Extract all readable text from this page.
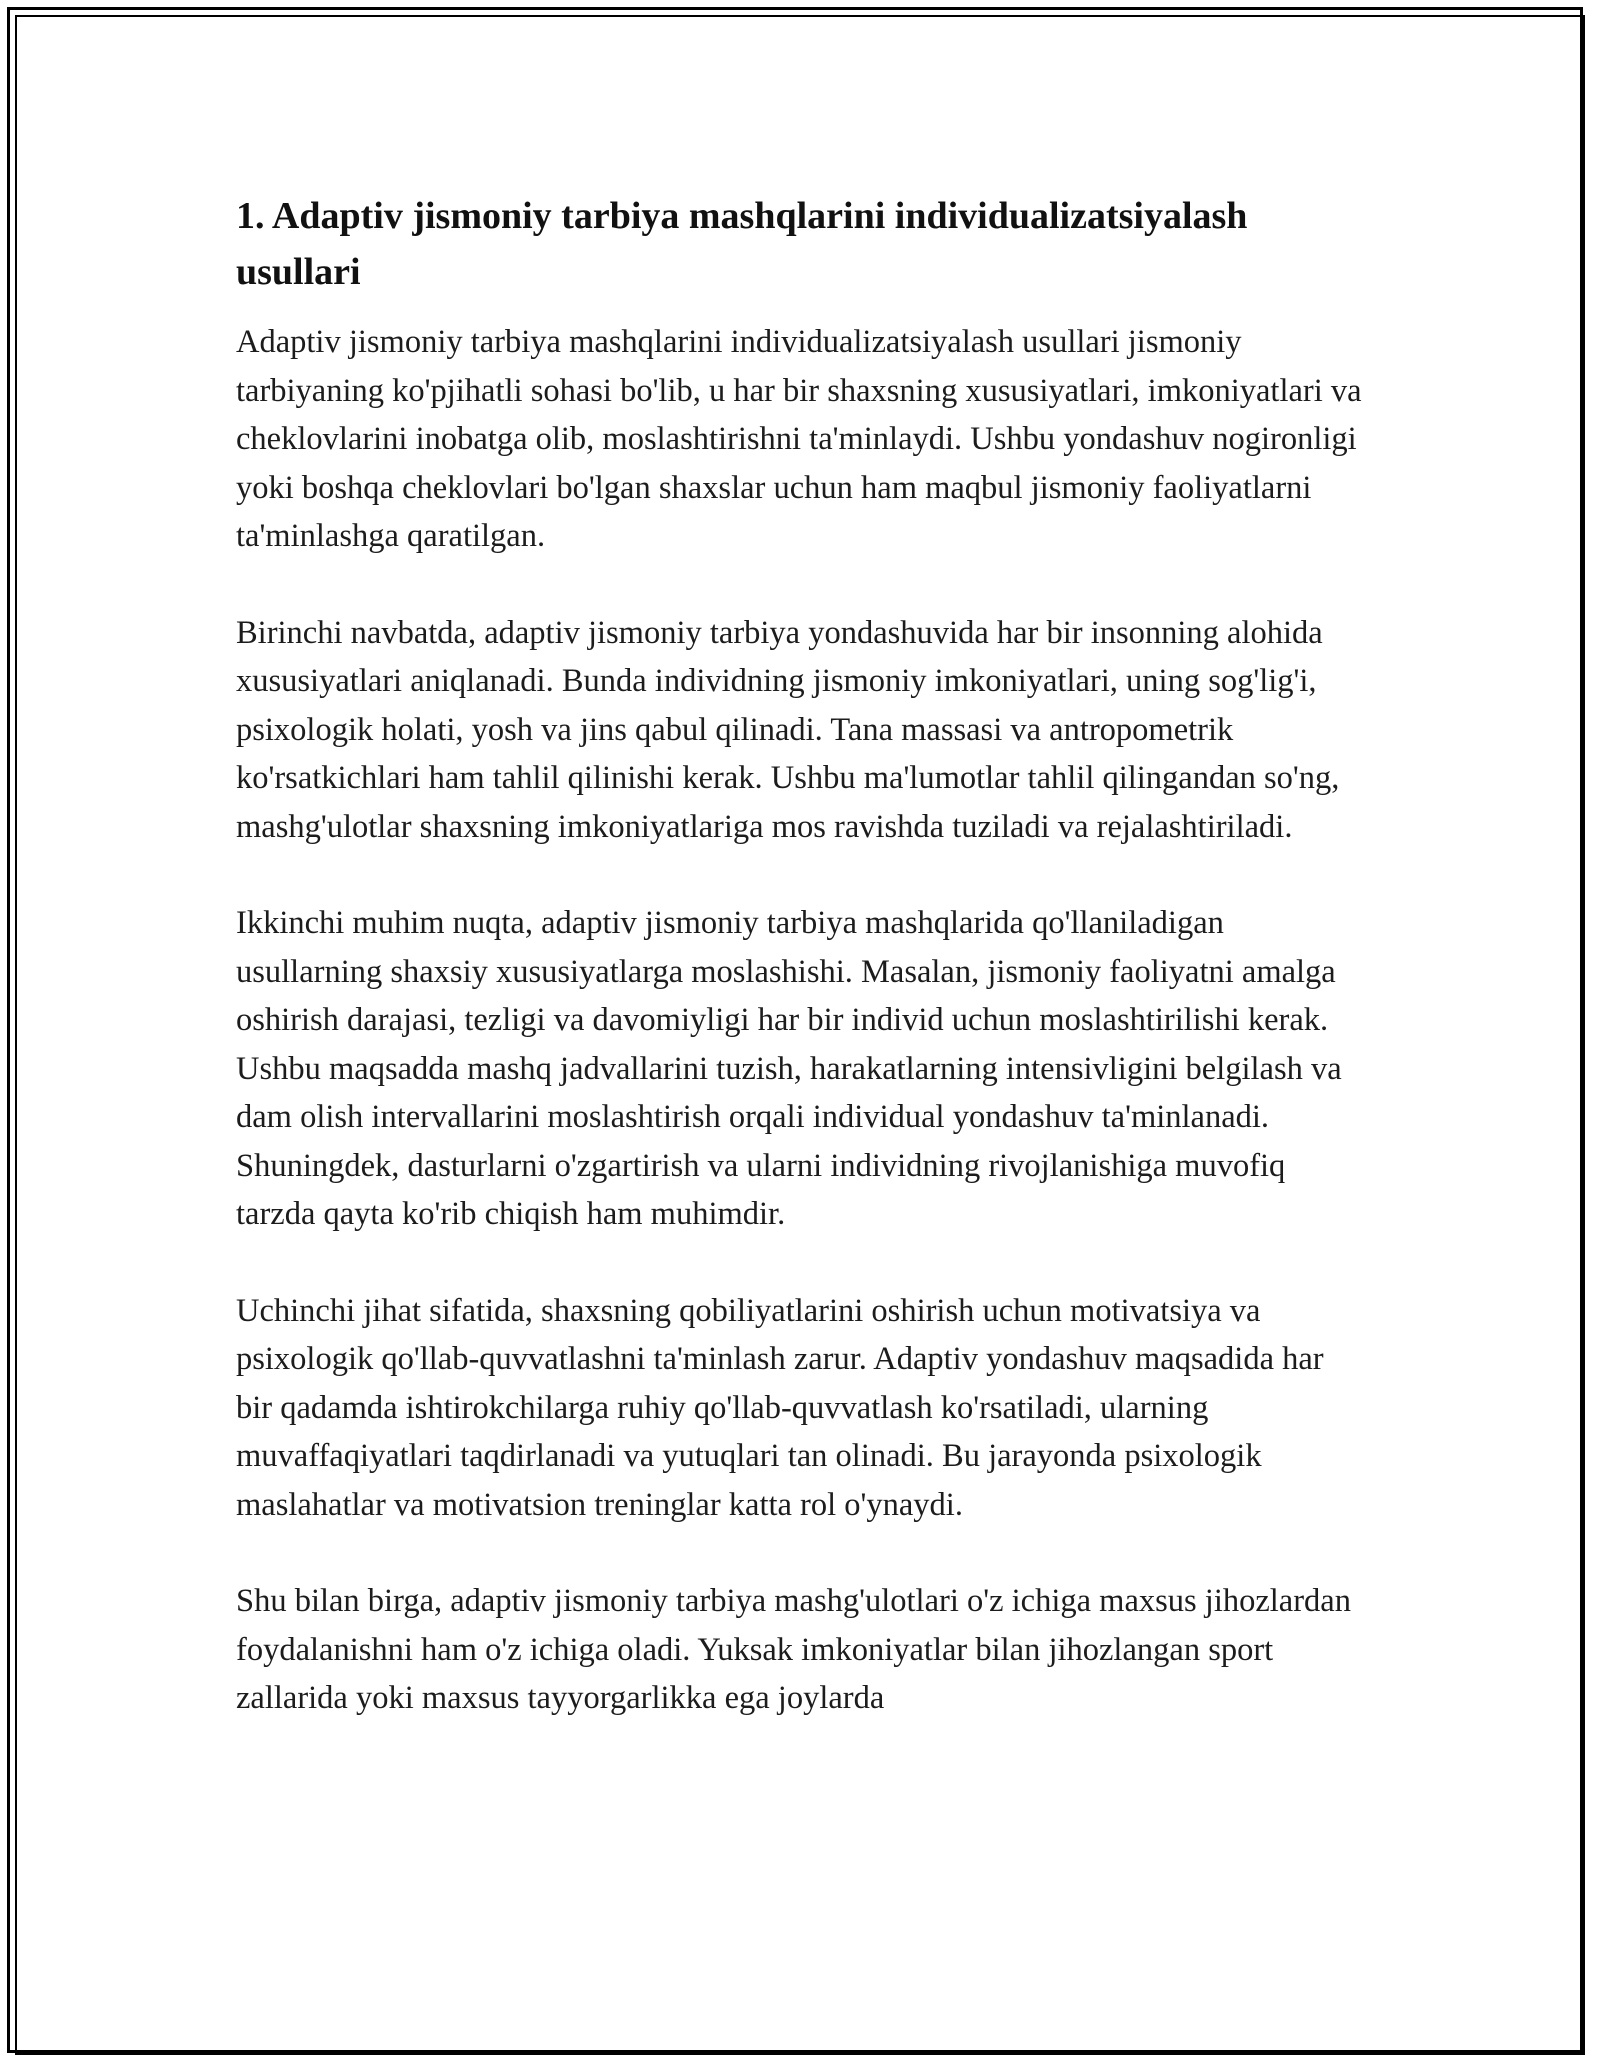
1. Adaptiv jismoniy tarbiya mashqlarini individualizatsiyalash usullari

Adaptiv jismoniy tarbiya mashqlarini individualizatsiyalash usullari jismoniy tarbiyaning ko'pjihatli sohasi bo'lib, u har bir shaxsning xususiyatlari, imkoniyatlari va cheklovlarini inobatga olib, moslashtirishni ta'minlaydi. Ushbu yondashuv nogironligi yoki boshqa cheklovlari bo'lgan shaxslar uchun ham maqbul jismoniy faoliyatlarni ta'minlashga qaratilgan.

Birinchi navbatda, adaptiv jismoniy tarbiya yondashuvida har bir insonning alohida xususiyatlari aniqlanadi. Bunda individning jismoniy imkoniyatlari, uning sog'lig'i, psixologik holati, yosh va jins qabul qilinadi. Tana massasi va antropometrik ko'rsatkichlari ham tahlil qilinishi kerak. Ushbu ma'lumotlar tahlil qilingandan so'ng, mashg'ulotlar shaxsning imkoniyatlariga mos ravishda tuziladi va rejalashtiriladi.

Ikkinchi muhim nuqta, adaptiv jismoniy tarbiya mashqlarida qo'llaniladigan usullarning shaxsiy xususiyatlarga moslashishi. Masalan, jismoniy faoliyatni amalga oshirish darajasi, tezligi va davomiyligi har bir individ uchun moslashtirilishi kerak. Ushbu maqsadda mashq jadvallarini tuzish, harakatlarning intensivligini belgilash va dam olish intervallarini moslashtirish orqali individual yondashuv ta'minlanadi. Shuningdek, dasturlarni o'zgartirish va ularni individning rivojlanishiga muvofiq tarzda qayta ko'rib chiqish ham muhimdir.

Uchinchi jihat sifatida, shaxsning qobiliyatlarini oshirish uchun motivatsiya va psixologik qo'llab-quvvatlashni ta'minlash zarur. Adaptiv yondashuv maqsadida har bir qadamda ishtirokchilarga ruhiy qo'llab-quvvatlash ko'rsatiladi, ularning muvaffaqiyatlari taqdirlanadi va yutuqlari tan olinadi. Bu jarayonda psixologik maslahatlar va motivatsion treninglar katta rol o'ynaydi.

Shu bilan birga, adaptiv jismoniy tarbiya mashg'ulotlari o'z ichiga maxsus jihozlardan foydalanishni ham o'z ichiga oladi. Yuksak imkoniyatlar bilan jihozlangan sport zallarida yoki maxsus tayyorgarlikka ega joylarda
